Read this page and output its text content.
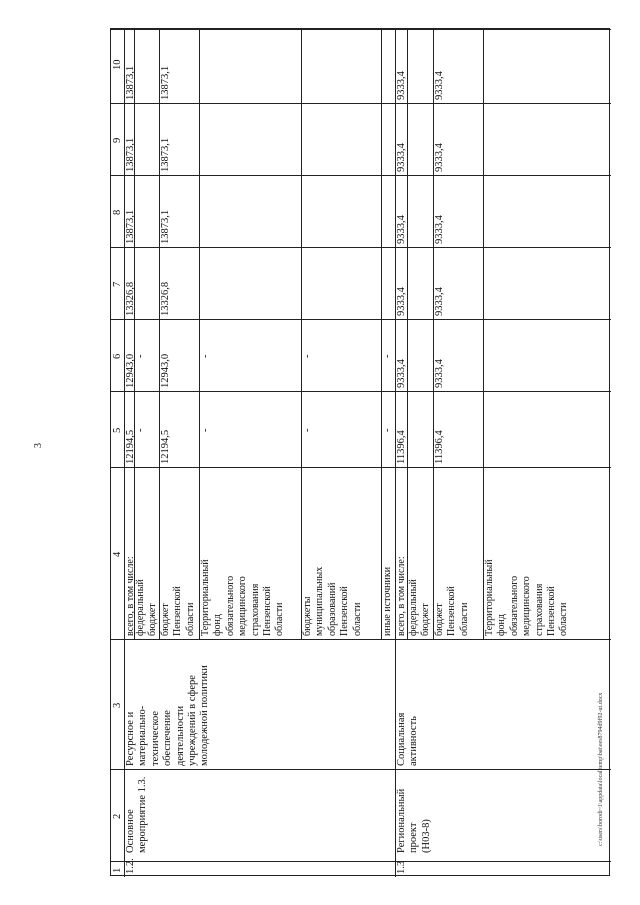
3
1
2
3
4
5
6
7
8
9
10
1.2.
Основное
мероприятие 1.3.
Ресурсное и
материально-
техническое
обеспечение
деятельности
учреждений в сфере
молодежной политики
всего, в том числе:
12194,5
12943,0
13326,8
13873,1
13873,1
13873,1
федеральный
бюджет
-
-
бюджет
Пензенской
области
12194,5
12943,0
13326,8
13873,1
13873,1
13873,1
Территориальный
фонд
обязательного
медицинского
страхования
Пензенской
области
-
-
бюджеты
муниципальных
образований
Пензенской
области
-
-
иные источники
-
-
1.3
Региональный
проект
(Н03-8)
Социальная
активность
всего, в том числе:
11396,4
9333,4
9333,4
9333,4
9333,4
9333,4
федеральный
бюджет бюджет
Пензенской
области
11396,4
9333,4
9333,4
9333,4
9333,4
9333,4
Территориальный
фонд
обязательного
медицинского
страхования
Пензенской
области
